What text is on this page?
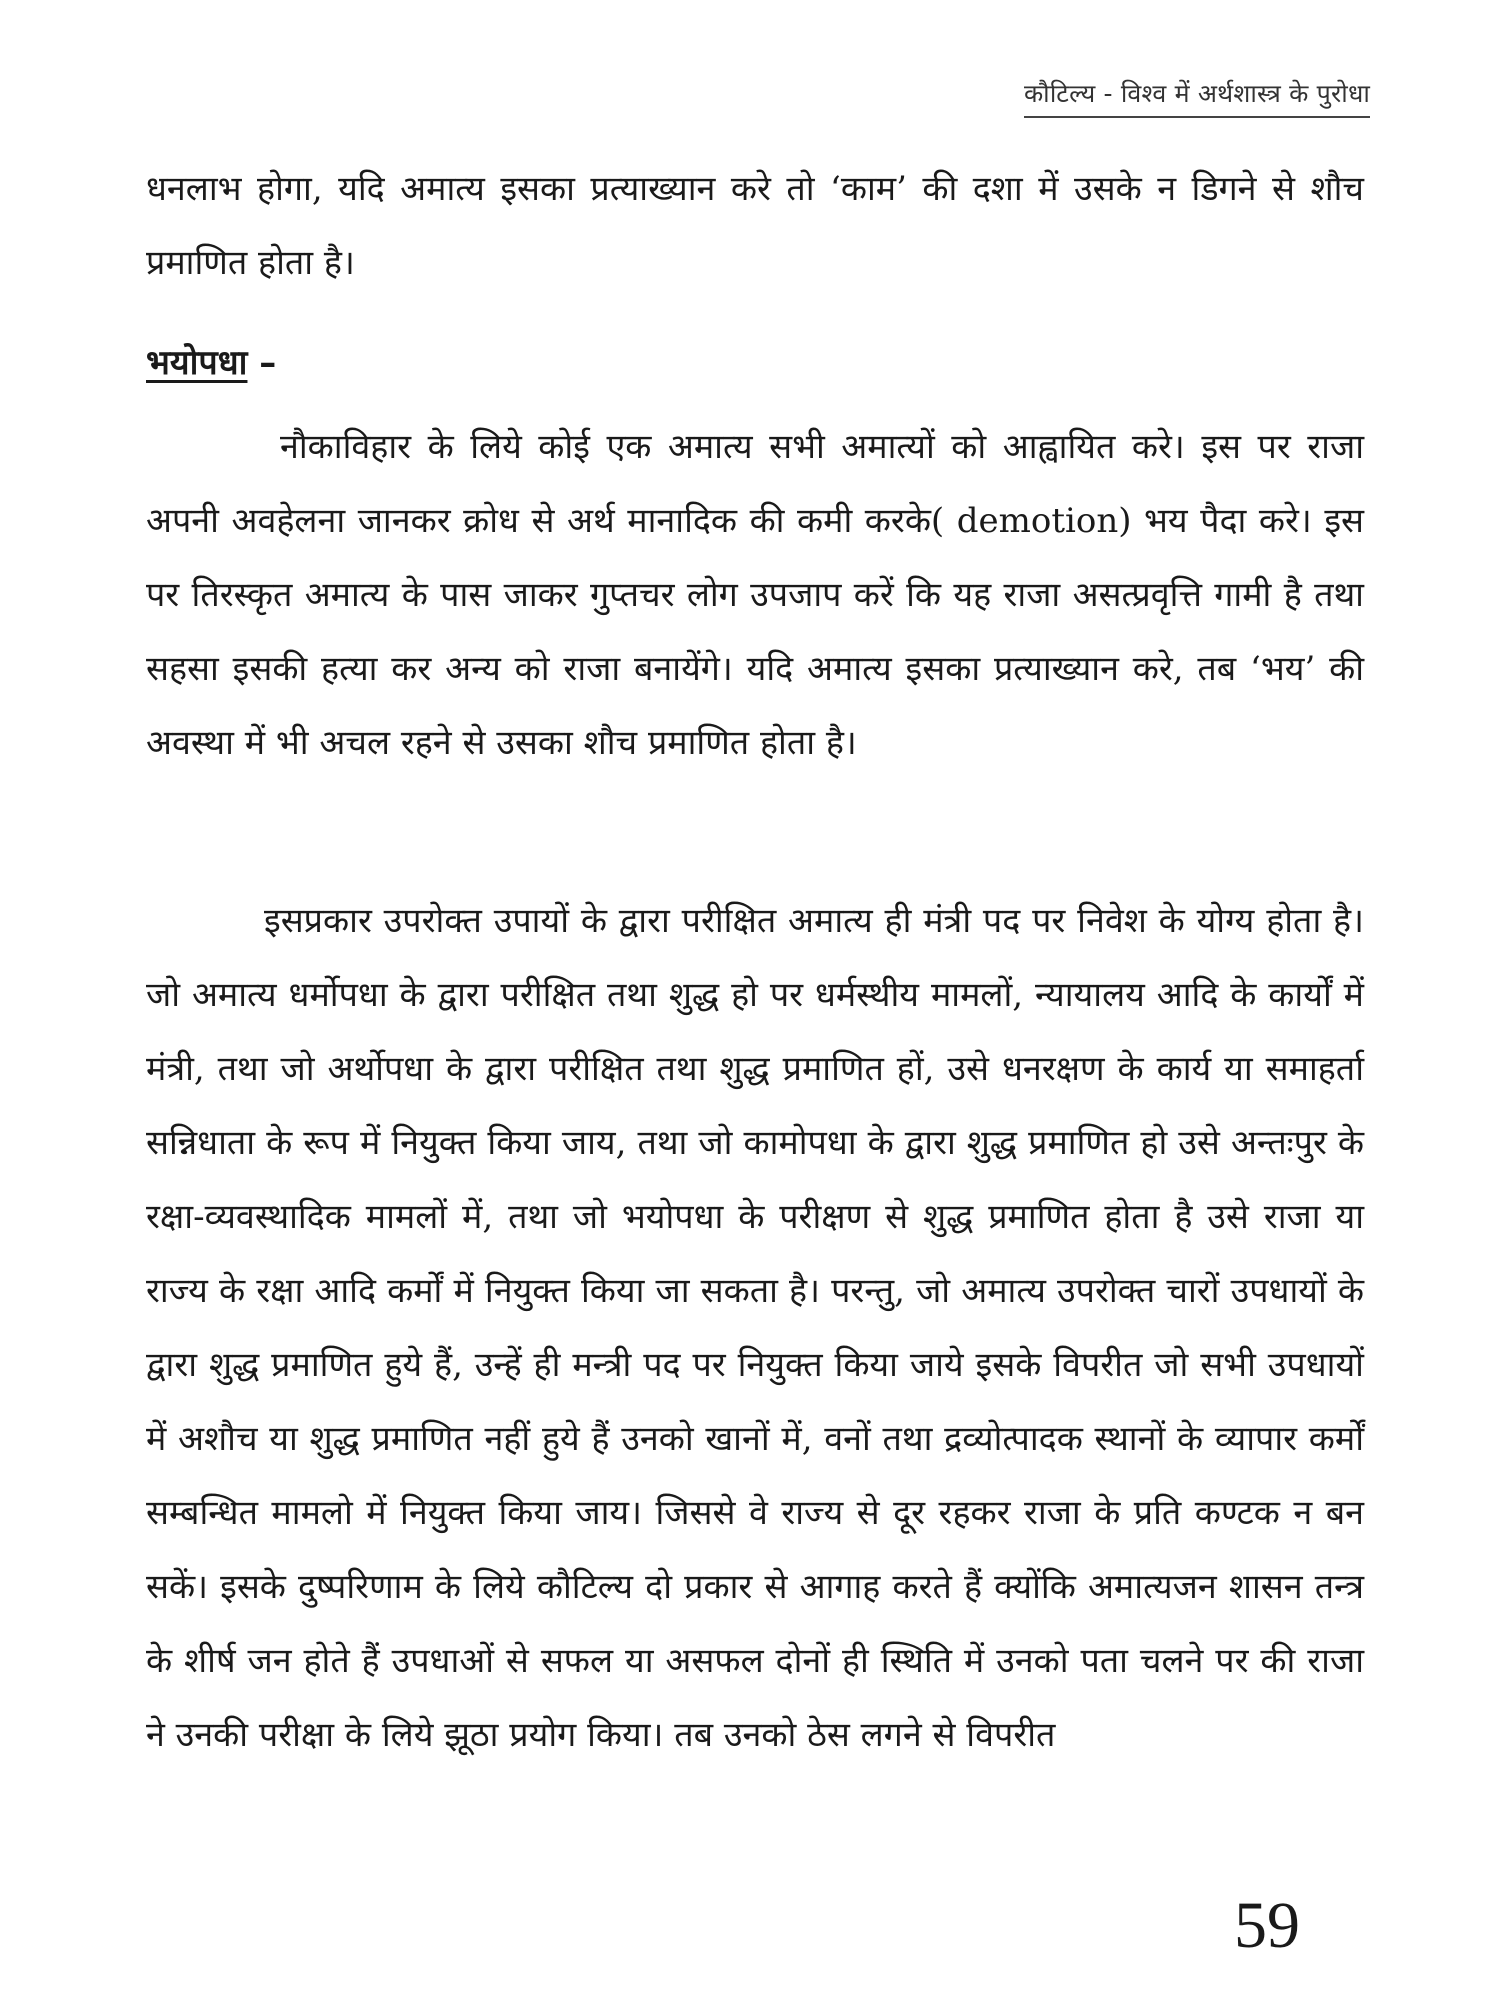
कौटिल्य - विश्व में अर्थशास्त्र के पुरोधा

धनलाभ होगा, यदि अमात्य इसका प्रत्याख्यान करे तो ‘काम’ की दशा में उसके न डिगने से शौच प्रमाणित होता है।

भयोपधा –

नौकाविहार के लिये कोई एक अमात्य सभी अमात्यों को आह्वायित करे। इस पर राजा अपनी अवहेलना जानकर क्रोध से अर्थ मानादिक की कमी करके( demotion) भय पैदा करे। इस पर तिरस्कृत अमात्य के पास जाकर गुप्तचर लोग उपजाप करें कि यह राजा असत्प्रवृत्ति गामी है तथा सहसा इसकी हत्या कर अन्य को राजा बनायेंगे। यदि अमात्य इसका प्रत्याख्यान करे, तब ‘भय’ की अवस्था में भी अचल रहने से उसका शौच प्रमाणित होता है।

इसप्रकार उपरोक्त उपायों के द्वारा परीक्षित अमात्य ही मंत्री पद पर निवेश के योग्य होता है। जो अमात्य धर्मोपधा के द्वारा परीक्षित तथा शुद्ध हो पर धर्मस्थीय मामलों, न्यायालय आदि के कार्यों में मंत्री, तथा जो अर्थोपधा के द्वारा परीक्षित तथा शुद्ध प्रमाणित हों, उसे धनरक्षण के कार्य या समाहर्ता सन्निधाता के रूप में नियुक्त किया जाय, तथा जो कामोपधा के द्वारा शुद्ध प्रमाणित हो उसे अन्तःपुर के रक्षा-व्यवस्थादिक मामलों में, तथा जो भयोपधा के परीक्षण से शुद्ध प्रमाणित होता है उसे राजा या राज्य के रक्षा आदि कर्मों में नियुक्त किया जा सकता है। परन्तु, जो अमात्य उपरोक्त चारों उपधायों के द्वारा शुद्ध प्रमाणित हुये हैं, उन्हें ही मन्त्री पद पर नियुक्त किया जाये इसके विपरीत जो सभी उपधायों में अशौच या शुद्ध प्रमाणित नहीं हुये हैं उनको खानों में, वनों तथा द्रव्योत्पादक स्थानों के व्यापार कर्मों सम्बन्धित मामलो में नियुक्त किया जाय। जिससे वे राज्य से दूर रहकर राजा के प्रति कण्टक न बन सकें। इसके दुष्परिणाम के लिये कौटिल्य दो प्रकार से आगाह करते हैं क्योंकि अमात्यजन शासन तन्त्र के शीर्ष जन होते हैं उपधाओं से सफल या असफल दोनों ही स्थिति में उनको पता चलने पर की राजा ने उनकी परीक्षा के लिये झूठा प्रयोग किया। तब उनको ठेस लगने से विपरीत

59
